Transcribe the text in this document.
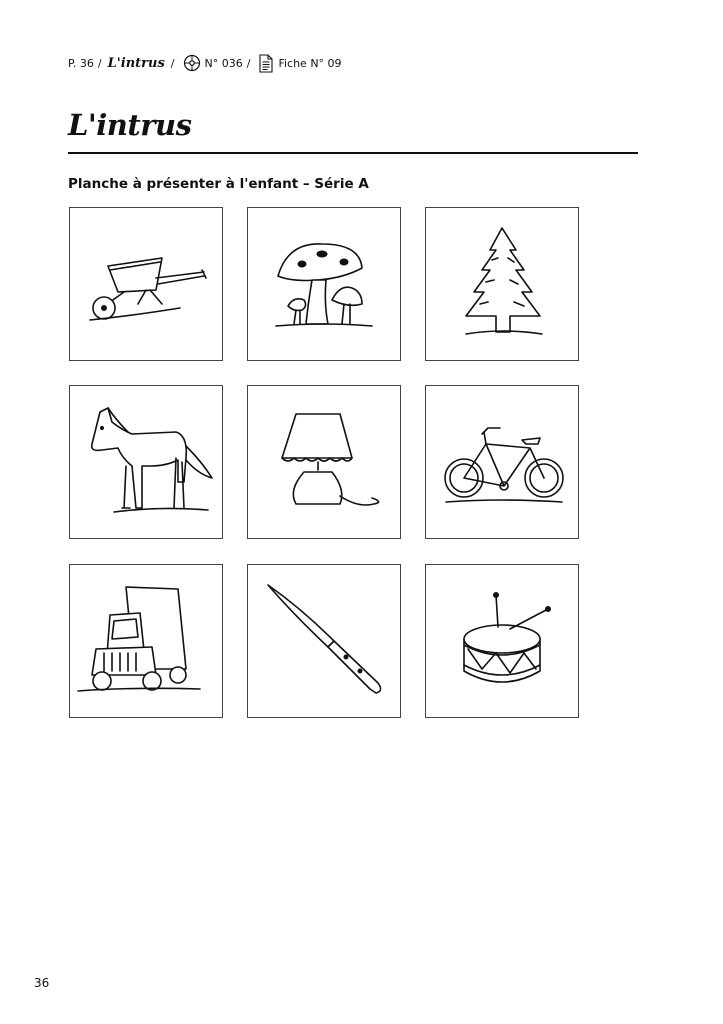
P. 36 / L'intrus /	N° 036 /	Fiche N° 09
L'intrus
Planche à présenter à l'enfant – Série A
36
